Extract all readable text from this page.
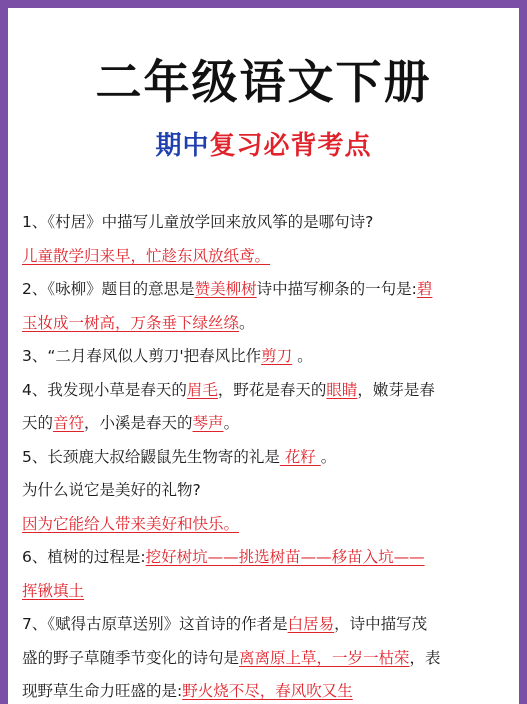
二年级语文下册
期中复习必背考点
1、《村居》中描写儿童放学回来放风筝的是哪句诗?
儿童散学归来早，忙趁东风放纸鸢。
2、《咏柳》题目的意思是赞美柳树诗中描写柳条的一句是:碧
玉妆成一树高，万条垂下绿丝绦。
3、“二月春风似人剪刀'把春风比作剪刀 。
4、我发现小草是春天的眉毛，野花是春天的眼睛，嫩芽是春
天的音符，小溪是春天的琴声。
5、长颈鹿大叔给鼹鼠先生物寄的礼是 花籽 。
为什么说它是美好的礼物?
因为它能给人带来美好和快乐。
6、植树的过程是:挖好树坑——挑选树苗——移苗入坑——
挥锹填土
7、《赋得古原草送别》这首诗的作者是白居易，诗中描写茂
盛的野子草随季节变化的诗句是离离原上草，一岁一枯荣，表
现野草生命力旺盛的是:野火烧不尽，春风吹又生
